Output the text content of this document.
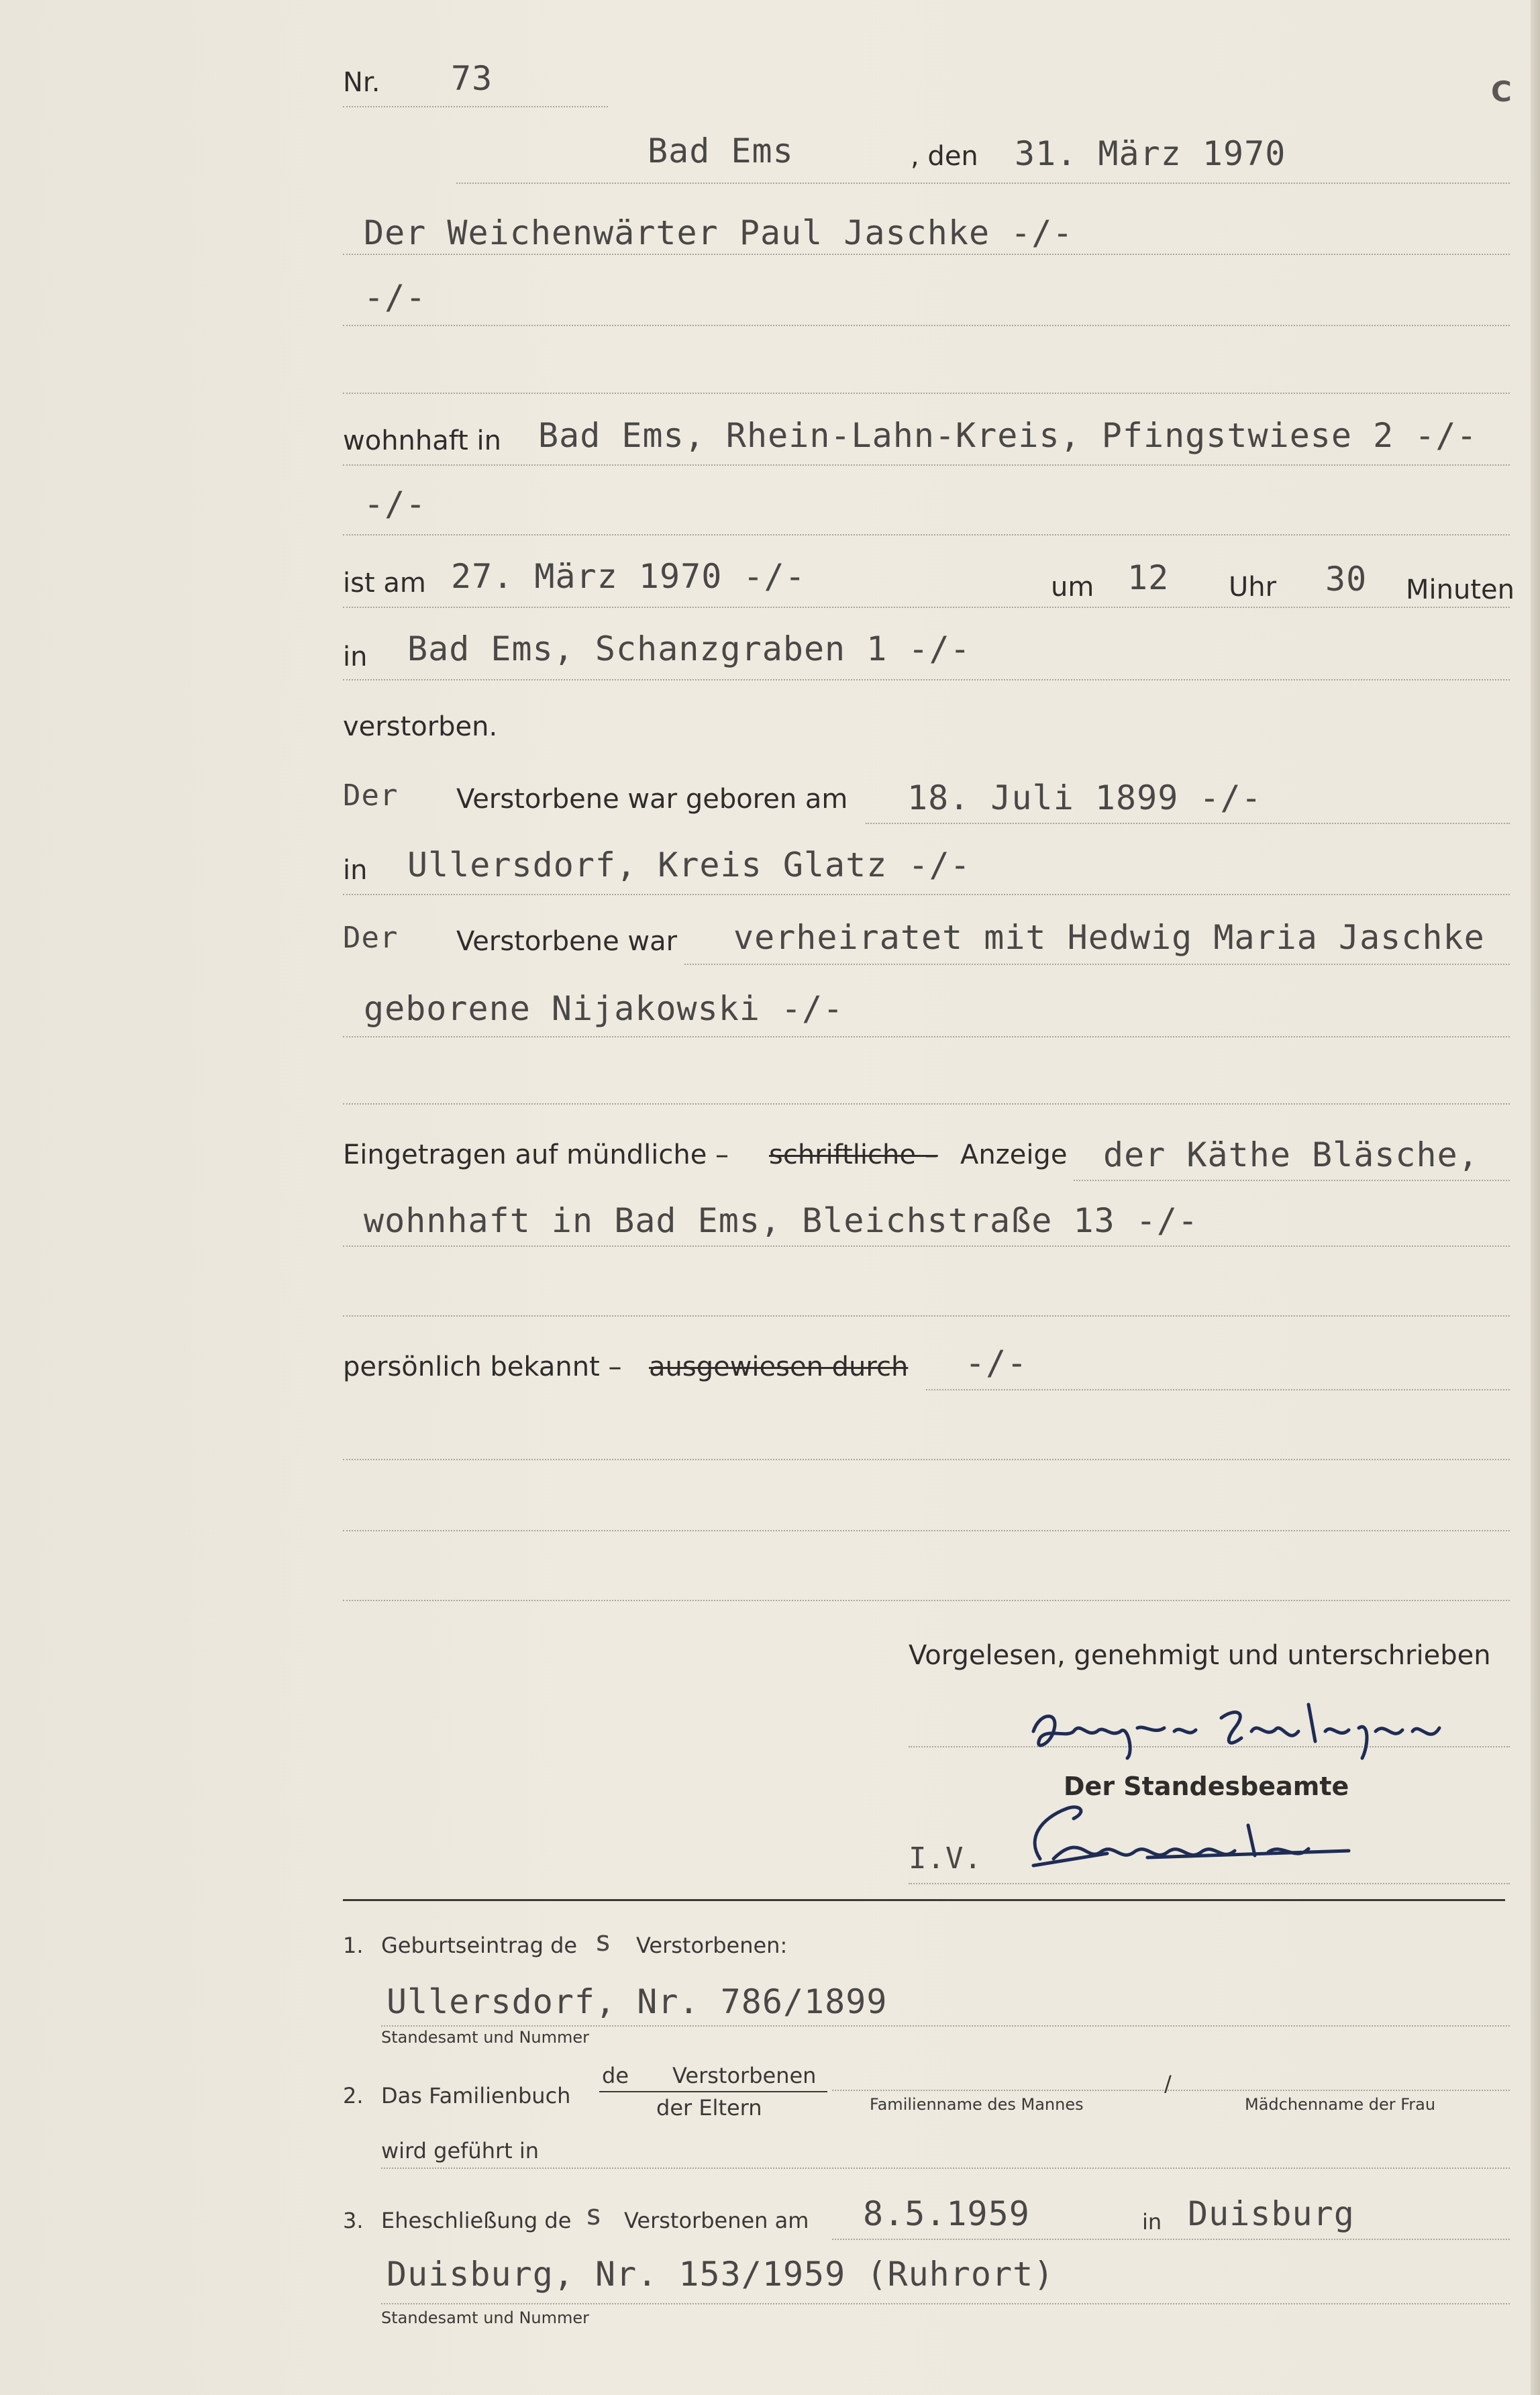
Nr. 73	C
Bad Ems	, den 31. März 1970
Der Weichenwärter Paul Jaschke -/-
-/-
wohnhaft in Bad Ems, Rhein-Lahn-Kreis, Pfingstwiese 2 -/-
-/-
ist am 27. März 1970 -/-	um 12 Uhr 30 Minuten
in Bad Ems, Schanzgraben 1 -/-
verstorben.
Der Verstorbene war geboren am 18. Juli 1899 -/-
in Ullersdorf, Kreis Glatz -/-
Der Verstorbene war verheiratet mit Hedwig Maria Jaschke
geborene Nijakowski -/-
Eingetragen auf mündliche – schriftliche – Anzeige der Käthe Bläsche,
wohnhaft in Bad Ems, Bleichstraße 13 -/-
persönlich bekannt – ausgewiesen durch -/-
Vorgelesen, genehmigt und unterschrieben
Der Standesbeamte
I.V.
1. Geburtseintrag de s Verstorbenen:
Ullersdorf, Nr. 786/1899
Standesamt und Nummer
2. Das Familienbuch
de Verstorbenen
der Eltern	Familienname des Mannes
/
Mädchenname der Frau
wird geführt in
3. Eheschließung de s Verstorbenen am 8.5.1959	in Duisburg
Duisburg, Nr. 153/1959 (Ruhrort)
Standesamt und Nummer
